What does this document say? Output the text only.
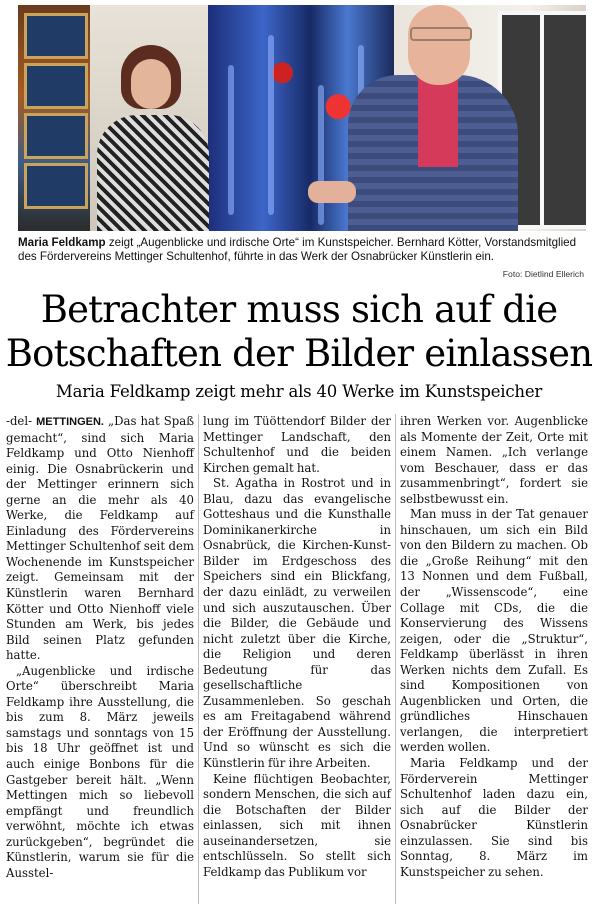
Maria Feldkamp zeigt „Augenblicke und irdische Orte“ im Kunstspeicher. Bernhard Kötter, Vorstandsmitglied des Fördervereins Mettinger Schultenhof, führte in das Werk der Osnabrücker Künstlerin ein.
Foto: Dietlind Ellerich
Betrachter muss sich auf die
Botschaften der Bilder einlassen
Maria Feldkamp zeigt mehr als 40 Werke im Kunstspeicher

-del- METTINGEN. „Das hat Spaß gemacht“, sind sich Maria Feldkamp und Otto Nienhoff einig. Die Osnabrückerin und der Mettinger erinnern sich gerne an die mehr als 40 Werke, die Feldkamp auf Einladung des Fördervereins Mettinger Schultenhof seit dem Wochenende im Kunstspeicher zeigt. Gemeinsam mit der Künstlerin waren Bernhard Kötter und Otto Nienhoff viele Stunden am Werk, bis jedes Bild seinen Platz gefunden hatte.

„Augenblicke und irdische Orte“ überschreibt Maria Feldkamp ihre Ausstellung, die bis zum 8. März jeweils samstags und sonntags von 15 bis 18 Uhr geöffnet ist und auch einige Bonbons für die Gastgeber bereit hält. „Wenn Mettingen mich so liebevoll empfängt und freundlich verwöhnt, möchte ich etwas zurückgeben“, begründet die Künstlerin, warum sie für die Ausstel-

lung im Tüöttendorf Bilder der Mettinger Landschaft, den Schultenhof und die beiden Kirchen gemalt hat.

St. Agatha in Rostrot und in Blau, dazu das evangelische Gotteshaus und die Kunsthalle Dominikanerkirche in Osnabrück, die Kirchen-Kunst-Bilder im Erdgeschoss des Speichers sind ein Blickfang, der dazu einlädt, zu verweilen und sich auszutauschen. Über die Bilder, die Gebäude und nicht zuletzt über die Kirche, die Religion und deren Bedeutung für das gesellschaftliche Zusammenleben. So geschah es am Freitagabend während der Eröffnung der Ausstellung. Und so wünscht es sich die Künstlerin für ihre Arbeiten.

Keine flüchtigen Beobachter, sondern Menschen, die sich auf die Botschaften der Bilder einlassen, sich mit ihnen auseinandersetzen, sie entschlüsseln. So stellt sich Feldkamp das Publikum vor

ihren Werken vor. Augenblicke als Momente der Zeit, Orte mit einem Namen. „Ich verlange vom Beschauer, dass er das zusammenbringt“, fordert sie selbstbewusst ein.

Man muss in der Tat genauer hinschauen, um sich ein Bild von den Bildern zu machen. Ob die „Große Reihung“ mit den 13 Nonnen und dem Fußball, der „Wissenscode“, eine Collage mit CDs, die die Konservierung des Wissens zeigen, oder die „Struktur“, Feldkamp überlässt in ihren Werken nichts dem Zufall. Es sind Kompositionen von Augenblicken und Orten, die gründliches Hinschauen verlangen, die interpretiert werden wollen.

Maria Feldkamp und der Förderverein Mettinger Schultenhof laden dazu ein, sich auf die Bilder der Osnabrücker Künstlerin einzulassen. Sie sind bis Sonntag, 8. März im Kunstspeicher zu sehen.
